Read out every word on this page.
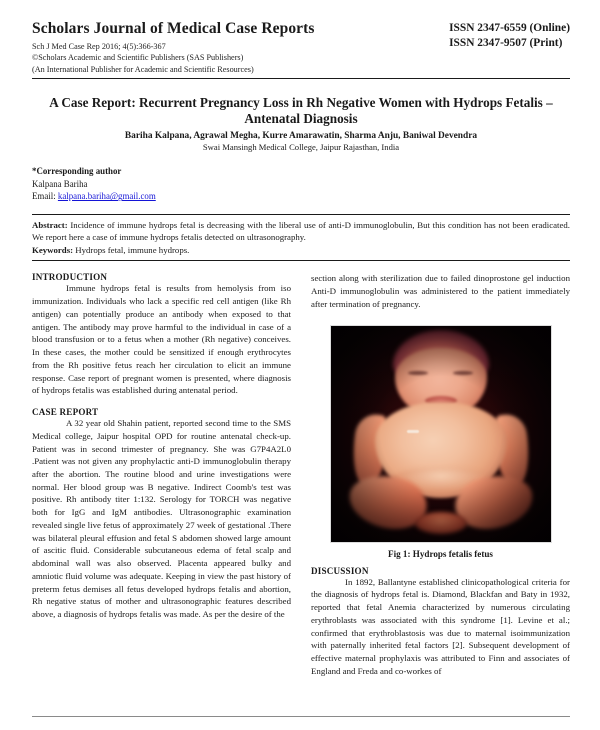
Scholars Journal of Medical Case Reports
Sch J Med Case Rep 2016; 4(5):366-367
©Scholars Academic and Scientific Publishers (SAS Publishers)
(An International Publisher for Academic and Scientific Resources)
ISSN 2347-6559 (Online)
ISSN 2347-9507 (Print)
A Case Report: Recurrent Pregnancy Loss in Rh Negative Women with Hydrops Fetalis –Antenatal Diagnosis
Bariha Kalpana, Agrawal Megha, Kurre Amarawatin, Sharma Anju, Baniwal Devendra
Swai Mansingh Medical College, Jaipur Rajasthan, India
*Corresponding author
Kalpana Bariha
Email: kalpana.bariha@gmail.com

Abstract: Incidence of immune hydrops fetal is decreasing with the liberal use of anti-D immunoglobulin, But this condition has not been eradicated. We report here a case of immune hydrops fetalis detected on ultrasonography.

Keywords: Hydrops fetal, immune hydrops.

INTRODUCTION

Immune hydrops fetal is results from hemolysis from iso immunization. Individuals who lack a specific red cell antigen (like Rh antigen) can potentially produce an antibody when exposed to that antigen. The antibody may prove harmful to the individual in case of a blood transfusion or to a fetus when a mother (Rh negative) conceives. In these cases, the mother could be sensitized if enough erythrocytes from the Rh positive fetus reach her circulation to elicit an immune response. Case report of pregnant women is presented, where diagnosis of hydrops fetalis was established during antenatal period.

CASE REPORT

A 32 year old Shahin patient, reported second time to the SMS Medical college, Jaipur hospital OPD for routine antenatal check-up. Patient was in second trimester of pregnancy. She was G7P4A2L0 .Patient was not given any prophylactic anti-D immunoglobulin therapy after the abortion. The routine blood and urine investigations were normal. Her blood group was B negative. Indirect Coomb's test was positive. Rh antibody titer 1:132. Serology for TORCH was negative both for IgG and IgM antibodies. Ultrasonographic examination revealed single live fetus of approximately 27 week of gestational .There was bilateral pleural effusion and fetal S abdomen showed large amount of ascitic fluid. Considerable subcutaneous edema of fetal scalp and abdominal wall was also observed. Placenta appeared bulky and amniotic fluid volume was adequate. Keeping in view the past history of preterm fetus demises all fetus developed hydrops fetalis and abortion, Rh negative status of mother and ultrasonographic features described above, a diagnosis of hydrops fetalis was made. As per the desire of the

section along with sterilization due to failed dinoprostone gel induction Anti-D immunoglobulin was administered to the patient immediately after termination of pregnancy.

Fig 1: Hydrops fetalis fetus
DISCUSSION

In 1892, Ballantyne established clinicopathological criteria for the diagnosis of hydrops fetal is. Diamond, Blackfan and Baty in 1932, reported that fetal Anemia characterized by numerous circulating erythroblasts was associated with this syndrome [1]. Levine et al.; confirmed that erythroblastosis was due to maternal isoimmunization with paternally inherited fetal factors [2]. Subsequent development of effective maternal prophylaxis was attributed to Finn and associates of England and Freda and co-workes of
